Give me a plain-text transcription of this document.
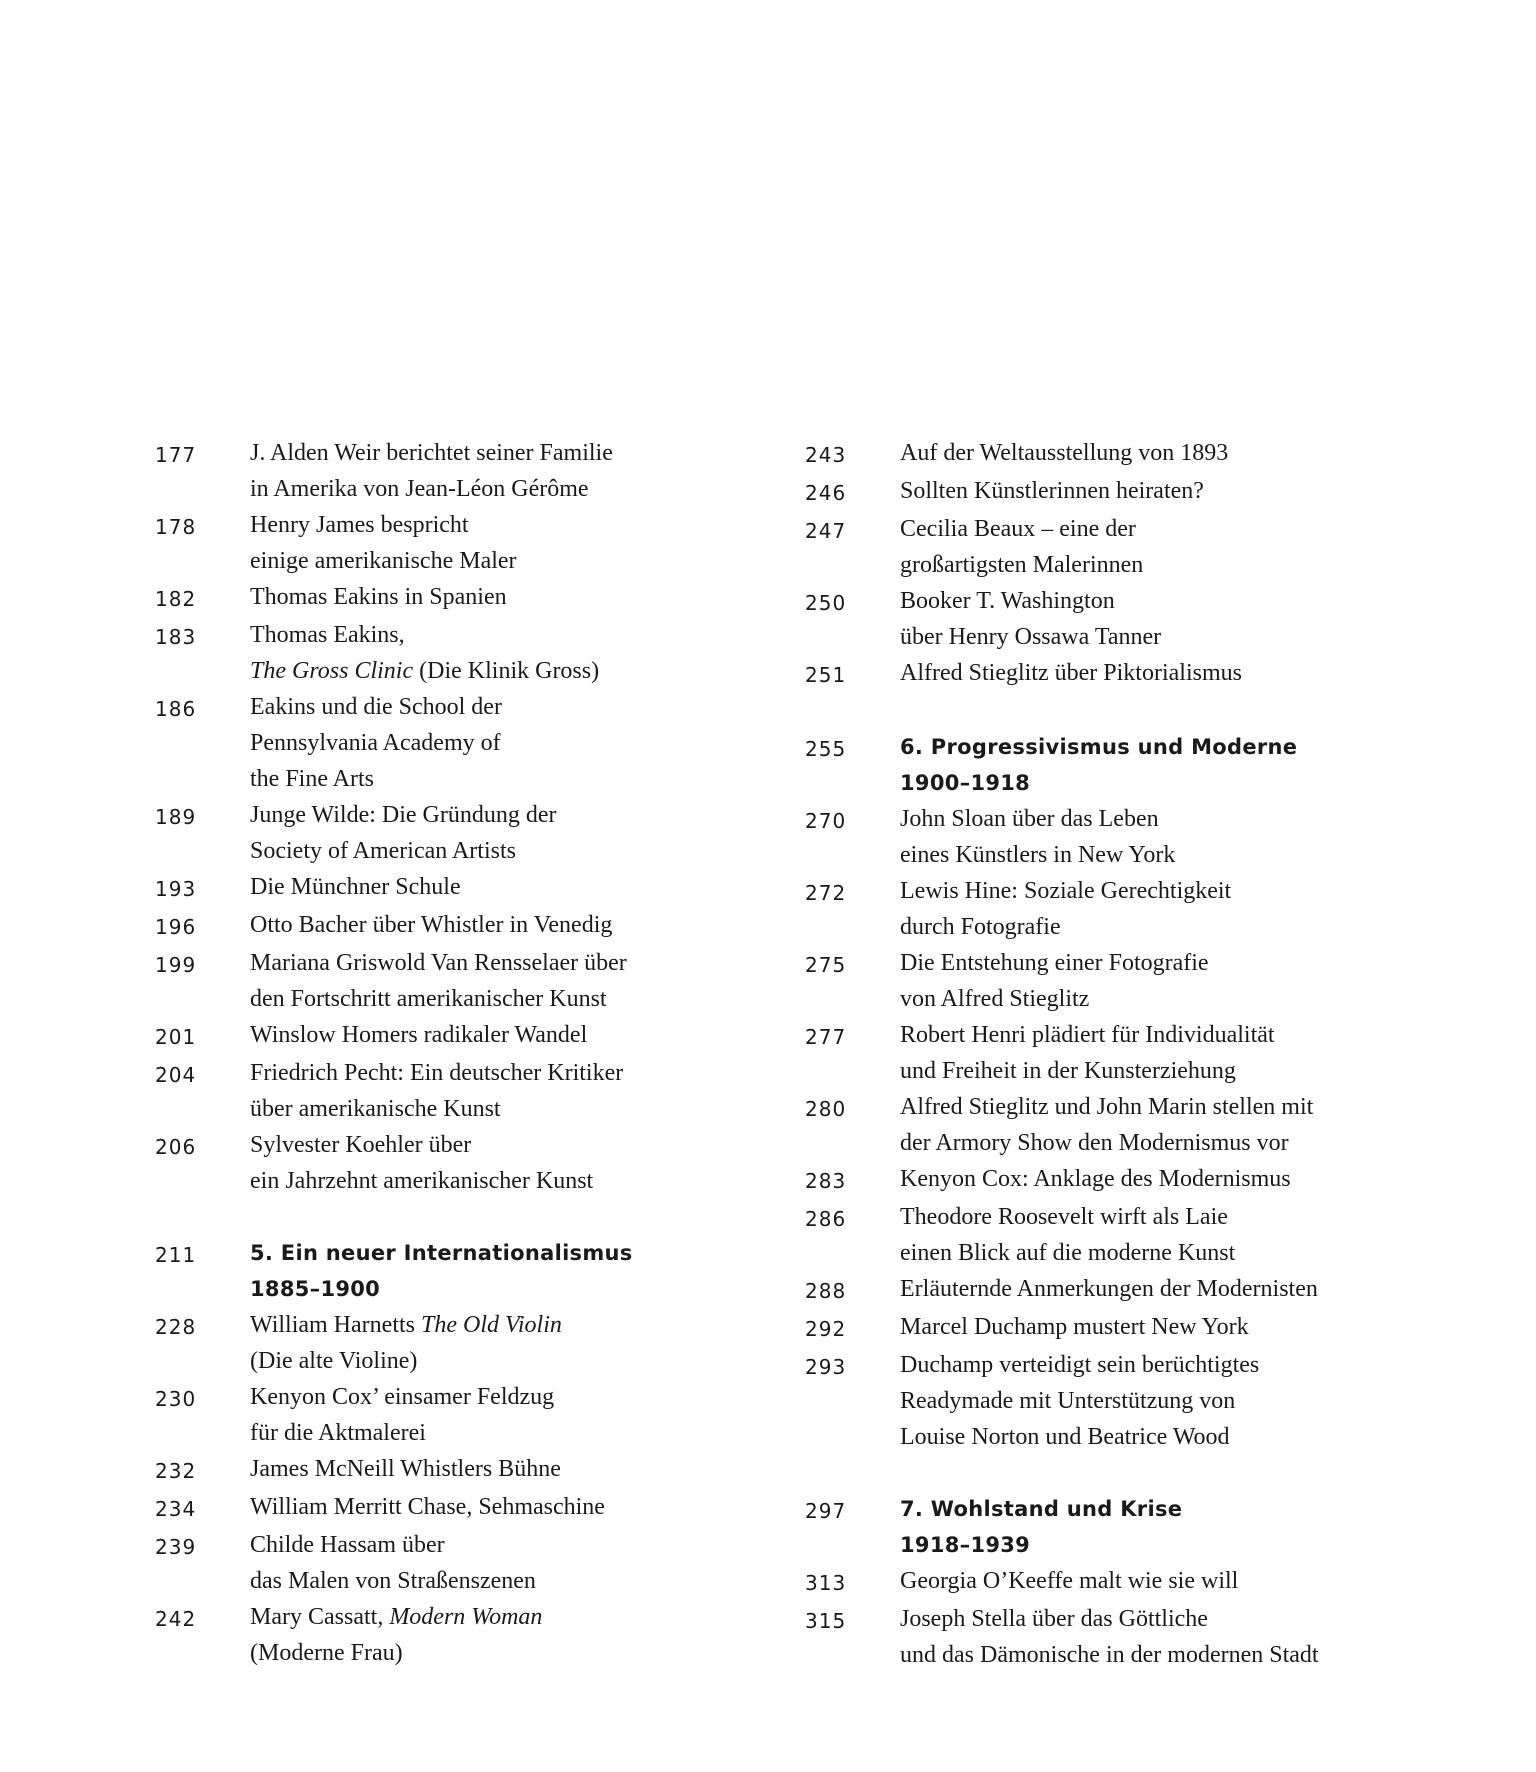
177	J. Alden Weir berichtet seiner Familie
in Amerika von Jean-Léon Gérôme
178	Henry James bespricht
einige amerikanische Maler
182	Thomas Eakins in Spanien
183	Thomas Eakins,
The Gross Clinic (Die Klinik Gross)
186	Eakins und die School der
Pennsylvania Academy of
the Fine Arts
189	Junge Wilde: Die Gründung der
Society of American Artists
193	Die Münchner Schule
196	Otto Bacher über Whistler in Venedig
199	Mariana Griswold Van Rensselaer über
den Fortschritt amerikanischer Kunst
201	Winslow Homers radikaler Wandel
204	Friedrich Pecht: Ein deutscher Kritiker
über amerikanische Kunst
206	Sylvester Koehler über
ein Jahrzehnt amerikanischer Kunst
211	5. Ein neuer Internationalismus
1885–1900
228	William Harnetts The Old Violin
(Die alte Violine)
230	Kenyon Cox’ einsamer Feldzug
für die Aktmalerei
232	James McNeill Whistlers Bühne
234	William Merritt Chase, Sehmaschine
239	Childe Hassam über
das Malen von Straßenszenen
242	Mary Cassatt, Modern Woman
(Moderne Frau)
243	Auf der Weltausstellung von 1893
246	Sollten Künstlerinnen heiraten?
247	Cecilia Beaux – eine der
großartigsten Malerinnen
250	Booker T. Washington
über Henry Ossawa Tanner
251	Alfred Stieglitz über Piktorialismus
255	6. Progressivismus und Moderne
1900–1918
270	John Sloan über das Leben
eines Künstlers in New York
272	Lewis Hine: Soziale Gerechtigkeit
durch Fotografie
275	Die Entstehung einer Fotografie
von Alfred Stieglitz
277	Robert Henri plädiert für Individualität
und Freiheit in der Kunsterziehung
280	Alfred Stieglitz und John Marin stellen mit
der Armory Show den Modernismus vor
283	Kenyon Cox: Anklage des Modernismus
286	Theodore Roosevelt wirft als Laie
einen Blick auf die moderne Kunst
288	Erläuternde Anmerkungen der Modernisten
292	Marcel Duchamp mustert New York
293	Duchamp verteidigt sein berüchtigtes
Readymade mit Unterstützung von
Louise Norton und Beatrice Wood
297	7. Wohlstand und Krise
1918–1939
313	Georgia O’Keeffe malt wie sie will
315	Joseph Stella über das Göttliche
und das Dämonische in der modernen Stadt
